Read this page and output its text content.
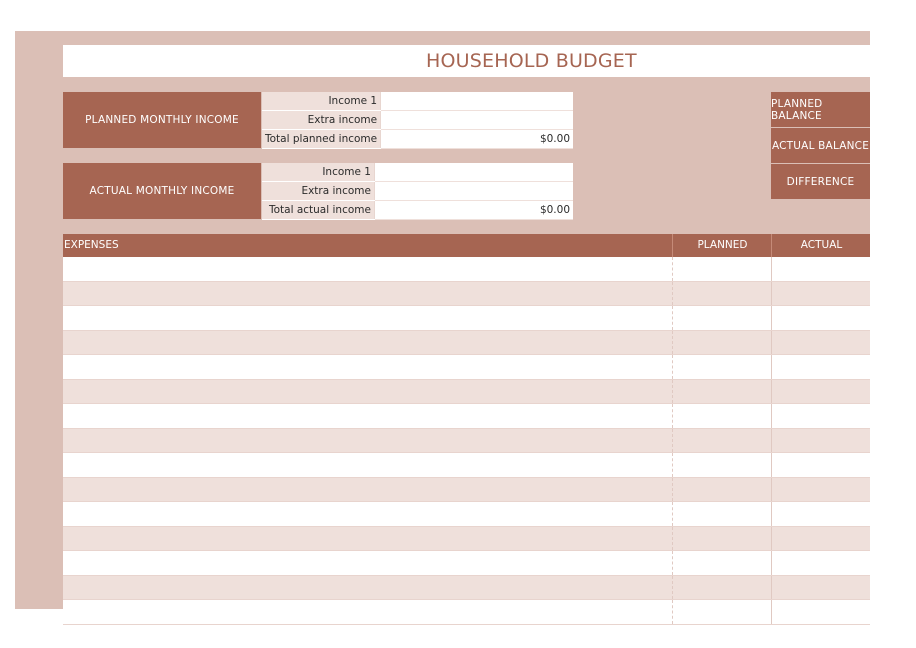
HOUSEHOLD BUDGET
PLANNED MONTHLY INCOME
Income 1	
Extra income	
Total planned income	$0.00
ACTUAL MONTHLY INCOME
Income 1	
Extra income	
Total actual income	$0.00
PLANNED BALANCE
ACTUAL BALANCE
DIFFERENCE
EXPENSES	PLANNED	ACTUAL
